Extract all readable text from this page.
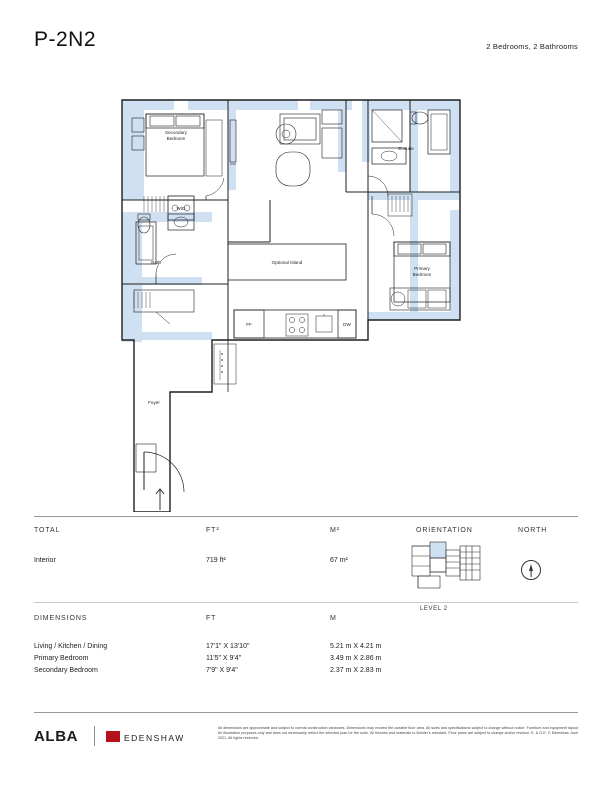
P-2N2	2 Bedrooms, 2 Bathrooms
Secondary
Bedroom
Ensuite
Primary
Bedroom
Bath
W/D
Optional Island
FF	DW
Foyer
TOTAL	FT²	M²	ORIENTATION	NORTH
Interior	719 ft²	67 m²
LEVEL 2
DIMENSIONS	FT	M
Living / Kitchen / Dining	17'1" X 13'10"	5.21 m X 4.21 m
Primary Bedroom	11'5" X 9'4"	3.49 m X 2.86 m
Secondary Bedroom	7'9" X 9'4"	2.37 m X 2.83 m
ALBA	EDENSHAW
All dimensions are approximate and subject to normal construction variances. Dimensions may exceed the useable floor area. All sizes and specifications subject to change without notice. Furniture and equipment layout for illustration purposes only and does not necessarily reflect the selected plan for the suite. All finishes and materials to Builder's standard. Floor plans are subject to change and/or revision. E. & O.E. © Edenshaw June 2021. All rights reserved.
